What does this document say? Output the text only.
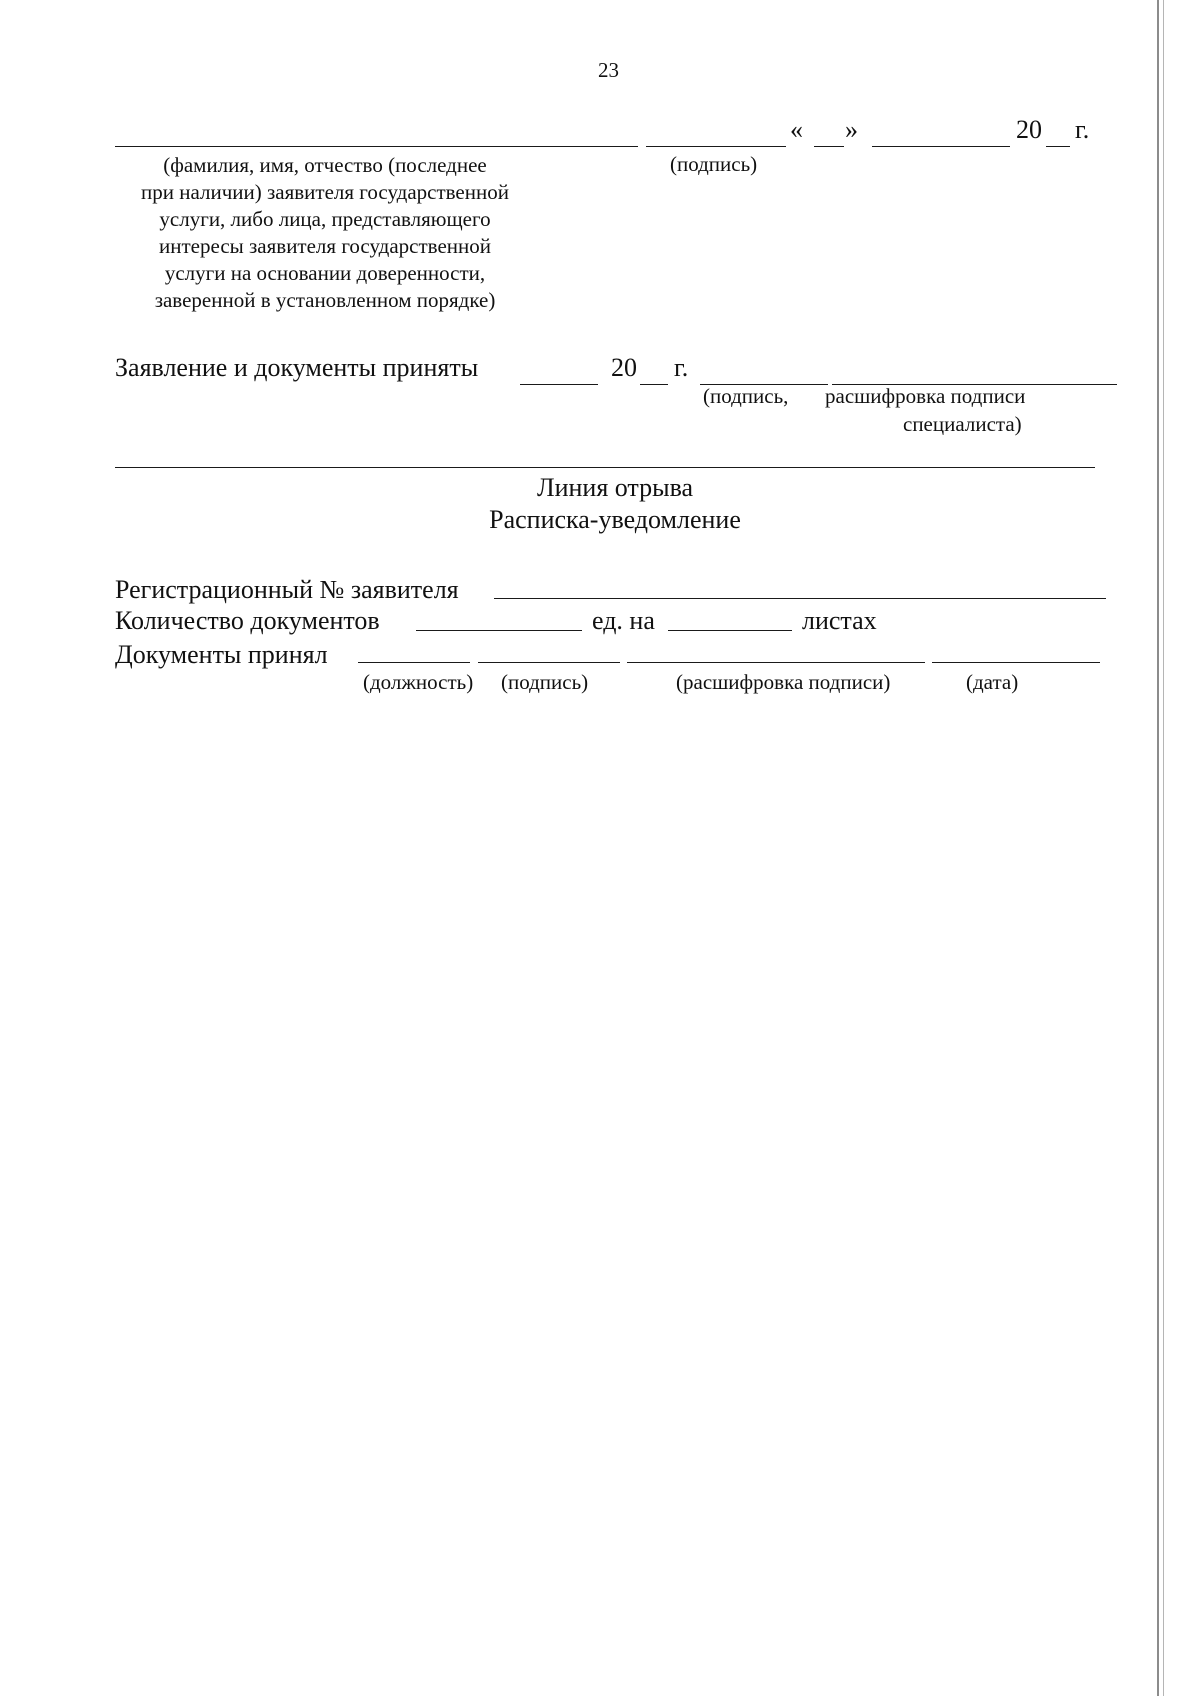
23
« »	20 г.
(фамилия, имя, отчество (последнее
при наличии) заявителя государственной
услуги, либо лица, представляющего
интересы заявителя государственной
услуги на основании доверенности,
заверенной в установленном порядке)
(подпись)
Заявление и документы приняты	20 г.
(подпись, расшифровка подписи
специалиста)
Линия отрыва
Расписка-уведомление
Регистрационный № заявителя
Количество документов	ед. на	листах
Документы принял
(должность) (подпись)	(расшифровка подписи)	(дата)
